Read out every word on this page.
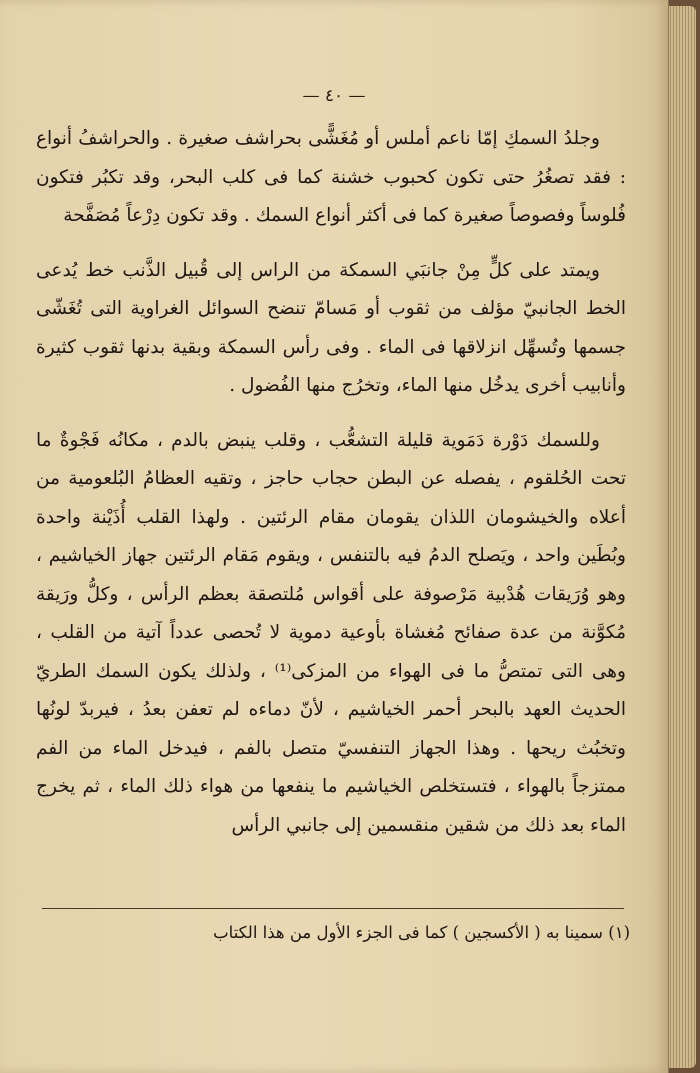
— ٤٠ —

وجلدُ السمكِ إمّا ناعم أملس أو مُغَشًّى بحراشف صغيرة . والحراشفُ أنواع : فقد تصغُرُ حتى تكون كحبوب خشنة كما فى كلب البحر، وقد تكبُر فتكون فُلوساً وفصوصاً صغيرة كما فى أكثر أنواع السمك . وقد تكون دِرْعاً مُصَفَّحة

ويمتد على كلٍّ مِنْ جانبَي السمكة من الراس إلى قُبيل الذَّنب خط يُدعى الخط الجانبيّ مؤلف من ثقوب أو مَسامّ تنضح السوائل الغراوية التى تُغَشّى جسمها وتُسهِّل انزلاقها فى الماء . وفى رأس السمكة وبقية بدنها ثقوب كثيرة وأنابيب أخرى يدخُل منها الماء، وتخرُج منها الفُضول .

وللسمك دَوْرة دَمَوية قليلة التشعُّب ، وقلب ينبض بالدم ، مكانُه فَجْوةٌ ما تحت الحُلقوم ، يفصله عن البطن حجاب حاجز ، وتقيه العظامُ البُلعومية من أعلاه والخيشومان اللذان يقومان مقام الرئتين . ولهذا القلب أُذَيْنة واحدة وبُطَين واحد ، ويَصلح الدمُ فيه بالتنفس ، ويقوم مَقام الرئتين جهاز الخياشيم ، وهو وُرَيقات هُدْبية مَرْصوفة على أقواس مُلتصقة بعظم الرأس ، وكلُّ ورَيقة مُكوَّنة من عدة صفائح مُغشاة بأوعية دموية لا تُحصى عدداً آتية من القلب ، وهى التى تمتصُّ ما فى الهواء من المزكى⁽¹⁾ ، ولذلك يكون السمك الطريّ الحديث العهد بالبحر أحمر الخياشيم ، لأنّ دماءه لم تعفن بعدُ ، فيربدّ لونُها وتخبُث ريحها . وهذا الجهاز التنفسيّ متصل بالفم ، فيدخل الماء من الفم ممتزجاً بالهواء ، فتستخلص الخياشيم ما ينفعها من هواء ذلك الماء ، ثم يخرج الماء بعد ذلك من شقين منقسمين إلى جانبي الرأس

(١) سمينا به ( الأكسجين ) كما فى الجزء الأول من هذا الكتاب
